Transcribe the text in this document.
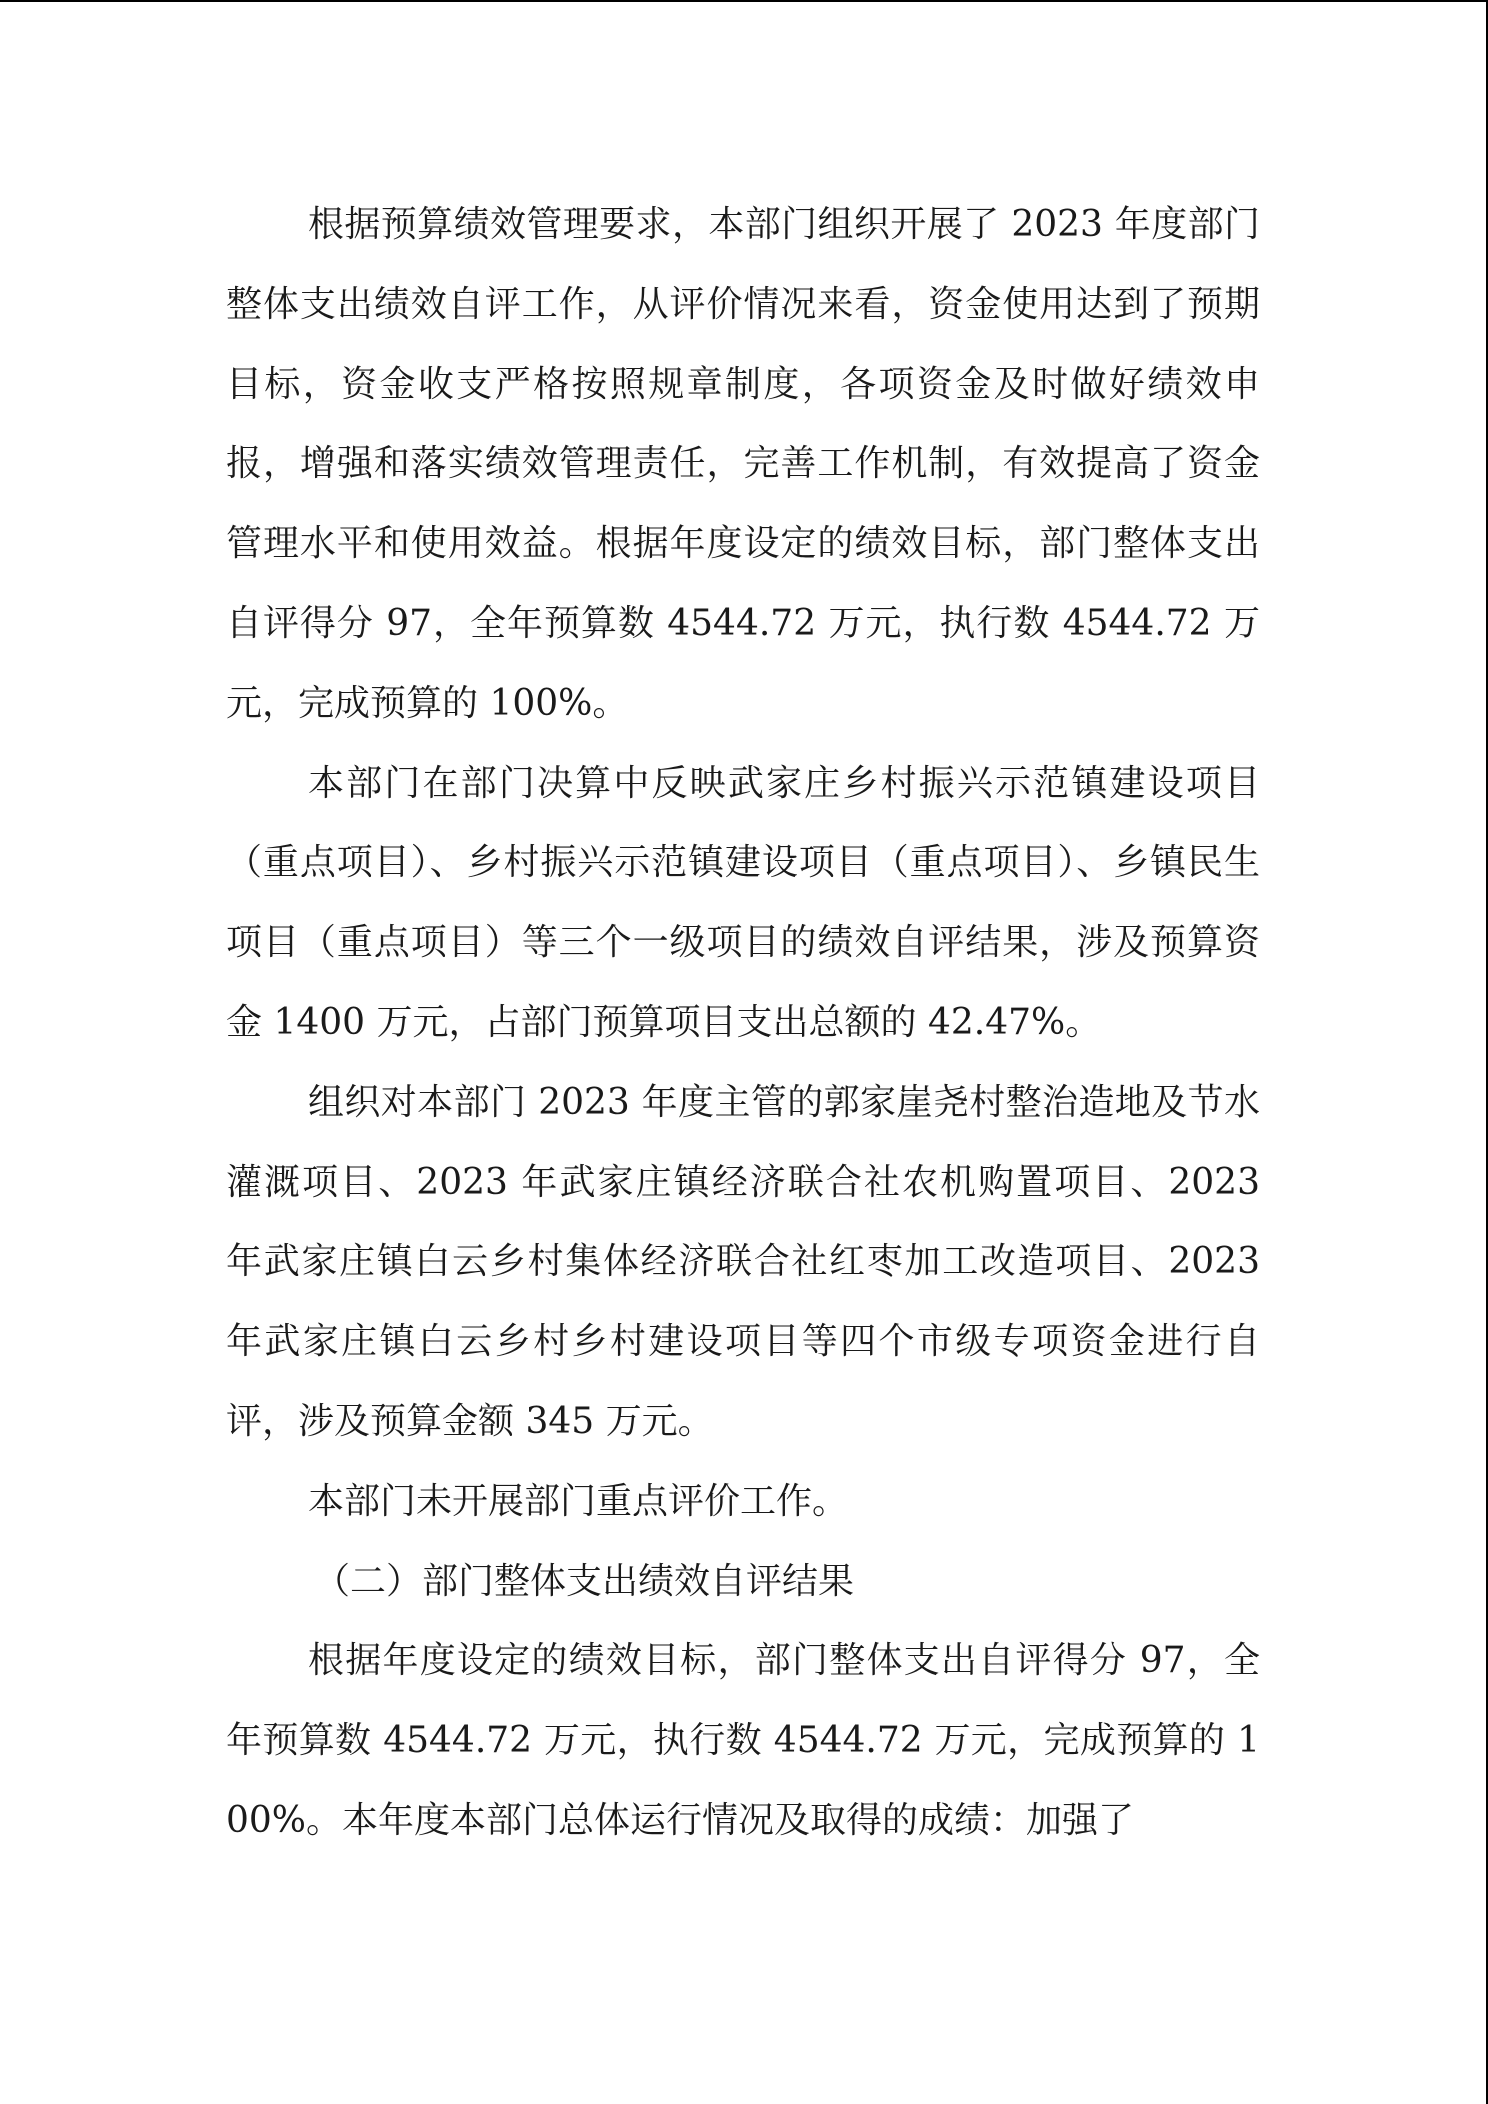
根据预算绩效管理要求，本部门组织开展了 2023 年度部门整体支出绩效自评工作，从评价情况来看，资金使用达到了预期目标，资金收支严格按照规章制度，各项资金及时做好绩效申报，增强和落实绩效管理责任，完善工作机制，有效提高了资金管理水平和使用效益。根据年度设定的绩效目标，部门整体支出自评得分 97，全年预算数 4544.72 万元，执行数 4544.72 万元，完成预算的 100%。

本部门在部门决算中反映武家庄乡村振兴示范镇建设项目（重点项目）、乡村振兴示范镇建设项目（重点项目）、乡镇民生项目（重点项目）等三个一级项目的绩效自评结果，涉及预算资金 1400 万元，占部门预算项目支出总额的 42.47%。

组织对本部门 2023 年度主管的郭家崖尧村整治造地及节水灌溉项目、2023 年武家庄镇经济联合社农机购置项目、2023 年武家庄镇白云乡村集体经济联合社红枣加工改造项目、2023 年武家庄镇白云乡村乡村建设项目等四个市级专项资金进行自评，涉及预算金额 345 万元。

本部门未开展部门重点评价工作。

（二）部门整体支出绩效自评结果

根据年度设定的绩效目标，部门整体支出自评得分 97，全年预算数 4544.72 万元，执行数 4544.72 万元，完成预算的 100%。本年度本部门总体运行情况及取得的成绩：加强了
